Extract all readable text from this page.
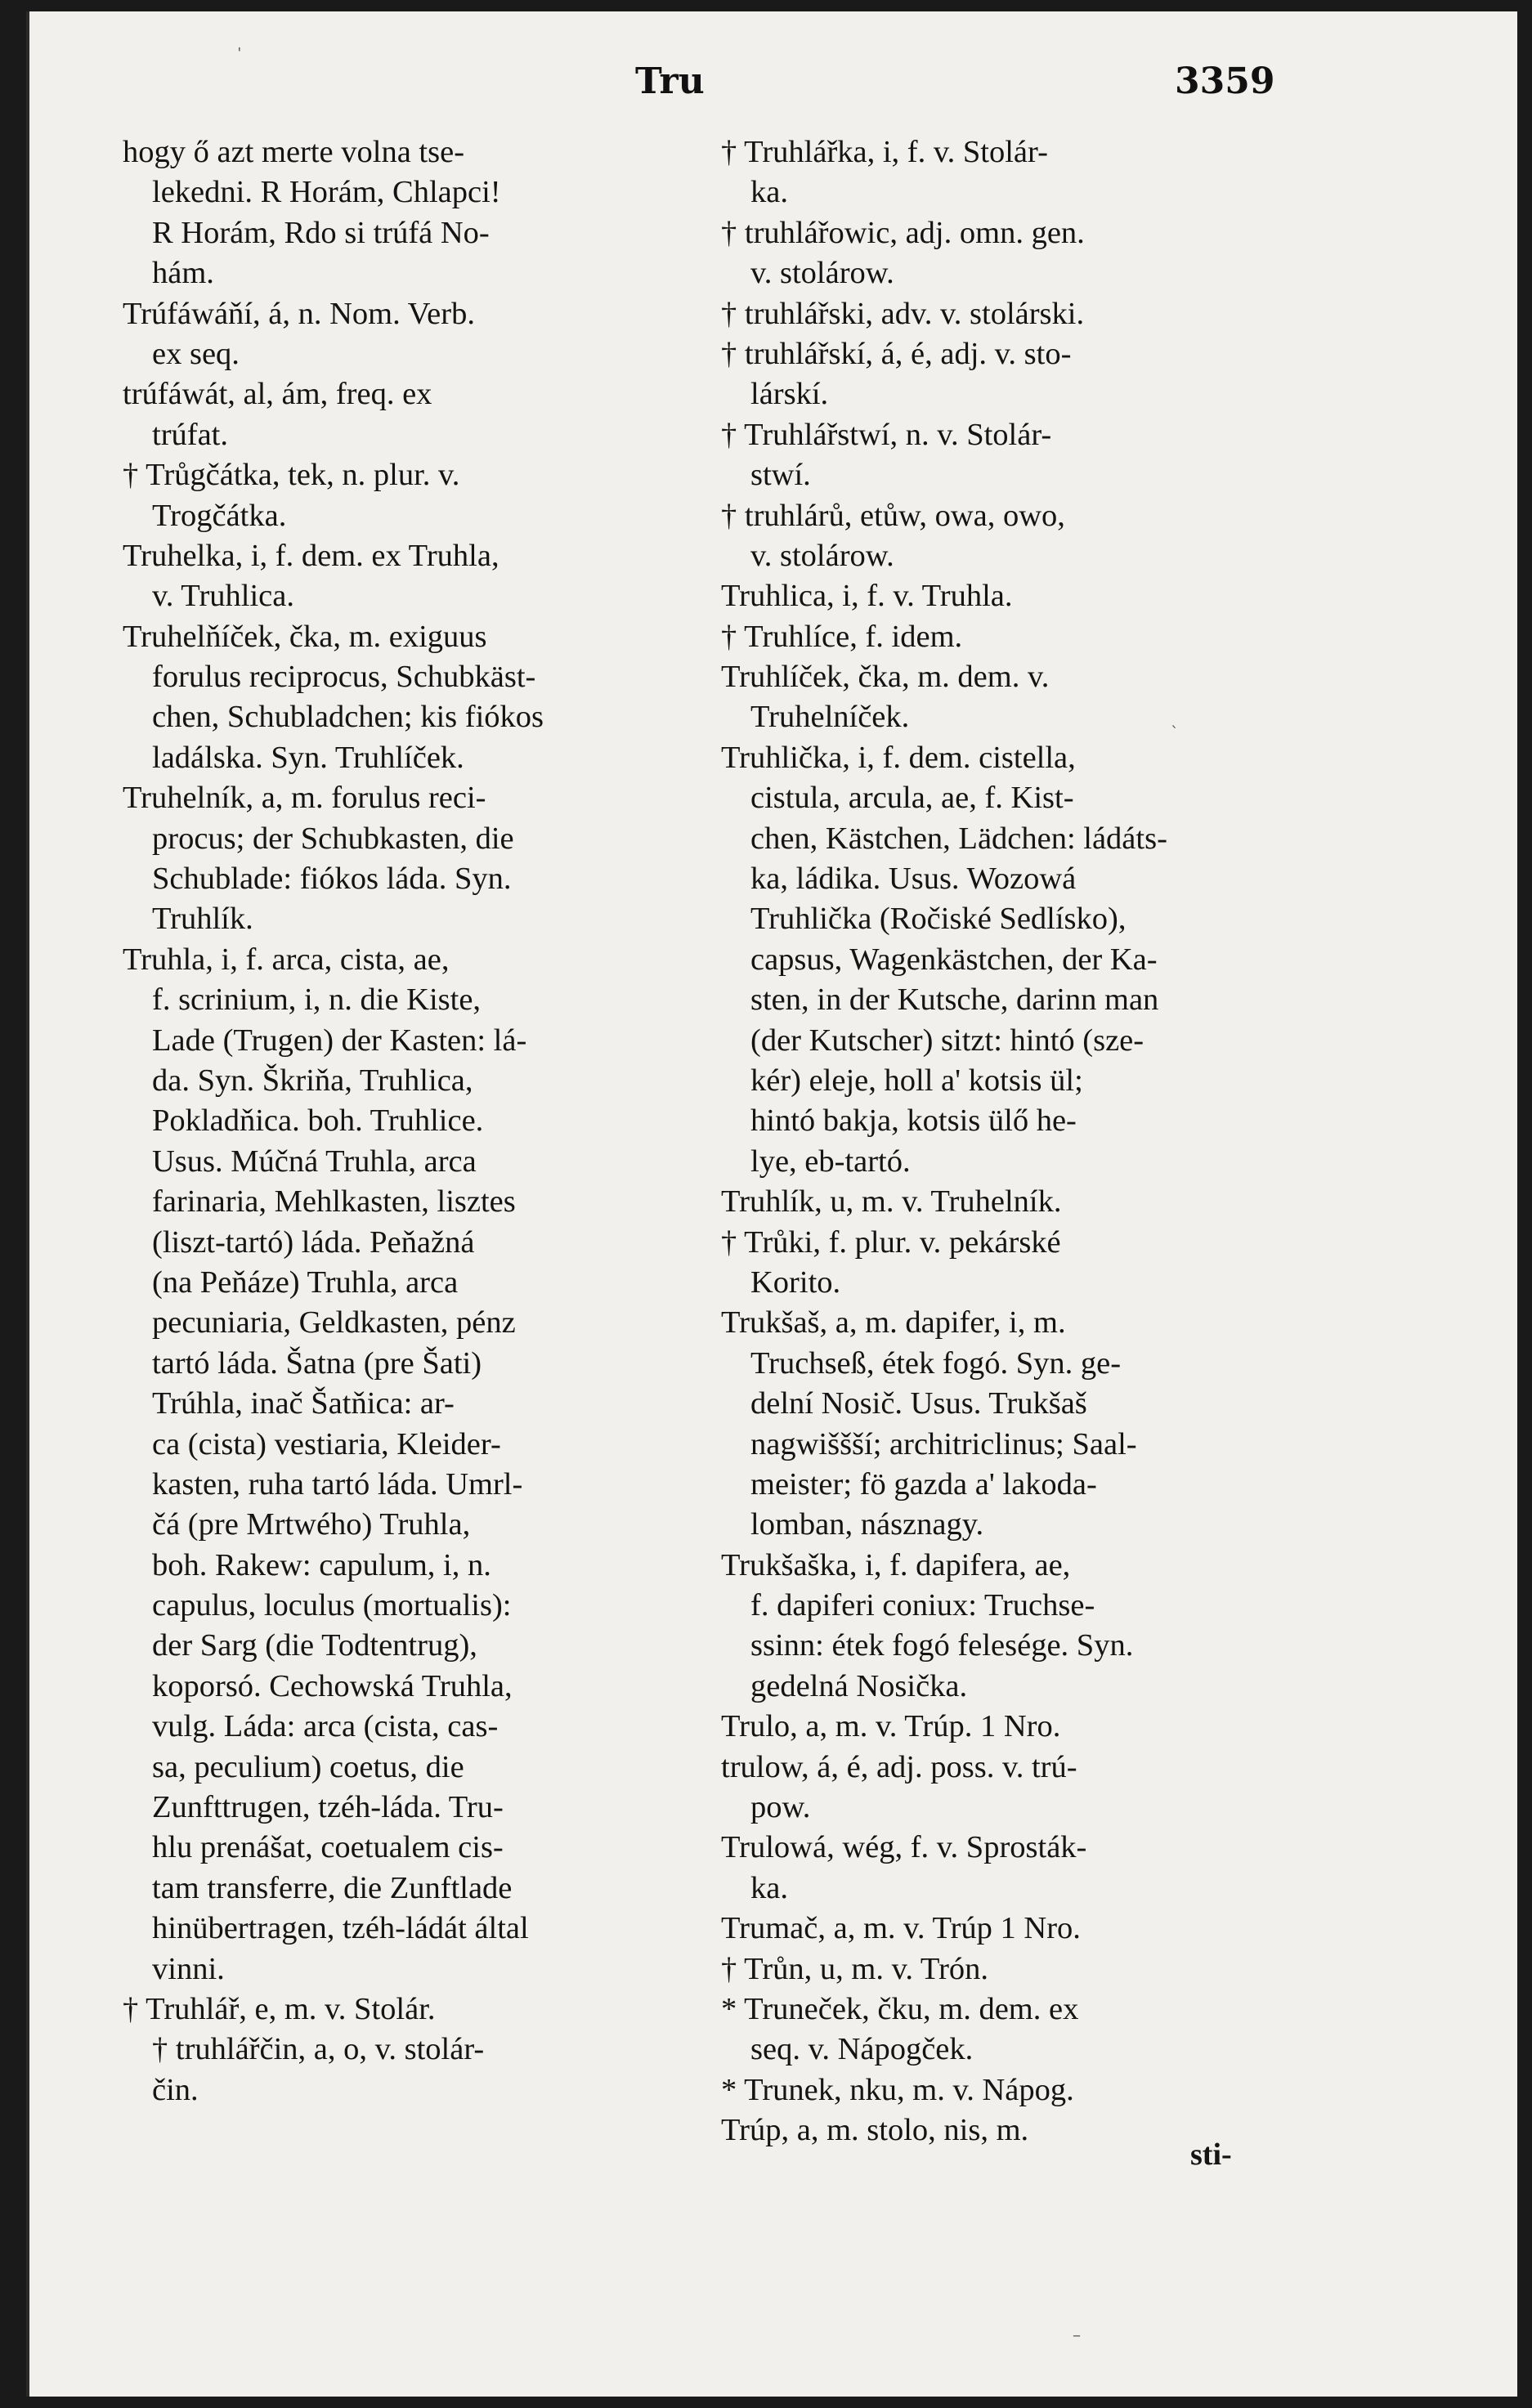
Tru	3359
hogy ő azt merte volna tse-
lekedni. R Horám, Chlapci!
R Horám, Rdo si trúfá No-
hám.
Trúfáwáňí, á, n. Nom. Verb.
ex seq.
trúfáwát, al, ám, freq. ex
trúfat.
† Trůgčátka, tek, n. plur. v.
Trogčátka.
Truhelka, i, f. dem. ex Truhla,
v. Truhlica.
Truhelňíček, čka, m. exiguus
forulus reciprocus, Schubkäst-
chen, Schubladchen; kis fiókos
ladálska. Syn. Truhlíček.
Truhelník, a, m. forulus reci-
procus; der Schubkasten, die
Schublade: fiókos láda. Syn.
Truhlík.
Truhla, i, f. arca, cista, ae,
f. scrinium, i, n. die Kiste,
Lade (Trugen) der Kasten: lá-
da. Syn. Škriňa, Truhlica,
Pokladňica. boh. Truhlice.
Usus. Múčná Truhla, arca
farinaria, Mehlkasten, lisztes
(liszt-tartó) láda. Peňažná
(na Peňáze) Truhla, arca
pecuniaria, Geldkasten, pénz
tartó láda. Šatna (pre Šati)
Trúhla, inač Šatňica: ar-
ca (cista) vestiaria, Kleider-
kasten, ruha tartó láda. Umrl-
čá (pre Mrtwého) Truhla,
boh. Rakew: capulum, i, n.
capulus, loculus (mortualis):
der Sarg (die Todtentrug),
koporsó. Cechowská Truhla,
vulg. Láda: arca (cista, cas-
sa, peculium) coetus, die
Zunfttrugen, tzéh-láda. Tru-
hlu prenášat, coetualem cis-
tam transferre, die Zunftlade
hinübertragen, tzéh-ládát által
vinni.
† Truhlář, e, m. v. Stolár.
† truhlářčin, a, o, v. stolár-
čin.
† Truhlářka, i, f. v. Stolár-
ka.
† truhlářowic, adj. omn. gen.
v. stolárow.
† truhlářski, adv. v. stolárski.
† truhlářskí, á, é, adj. v. sto-
lárskí.
† Truhlářstwí, n. v. Stolár-
stwí.
† truhlárů, etůw, owa, owo,
v. stolárow.
Truhlica, i, f. v. Truhla.
† Truhlíce, f. idem.
Truhlíček, čka, m. dem. v.
Truhelníček.
Truhlička, i, f. dem. cistella,
cistula, arcula, ae, f. Kist-
chen, Kästchen, Lädchen: ládáts-
ka, ládika. Usus. Wozowá
Truhlička (Ročiské Sedlísko),
capsus, Wagenkästchen, der Ka-
sten, in der Kutsche, darinn man
(der Kutscher) sitzt: hintó (sze-
kér) eleje, holl a' kotsis ül;
hintó bakja, kotsis ülő he-
lye, eb-tartó.
Truhlík, u, m. v. Truhelník.
† Trůki, f. plur. v. pekárské
Korito.
Trukšaš, a, m. dapifer, i, m.
Truchseß, étek fogó. Syn. ge-
delní Nosič. Usus. Trukšaš
nagwiššší; architriclinus; Saal-
meister; fö gazda a' lakoda-
lomban, násznagy.
Trukšaška, i, f. dapifera, ae,
f. dapiferi coniux: Truchse-
ssinn: étek fogó felesége. Syn.
gedelná Nosička.
Trulo, a, m. v. Trúp. 1 Nro.
trulow, á, é, adj. poss. v. trú-
pow.
Trulowá, wég, f. v. Sprosták-
ka.
Trumač, a, m. v. Trúp 1 Nro.
† Trůn, u, m. v. Trón.
* Truneček, čku, m. dem. ex
seq. v. Nápogček.
* Trunek, nku, m. v. Nápog.
Trúp, a, m. stolo, nis, m.
sti-
ˈ
ˋ
–
